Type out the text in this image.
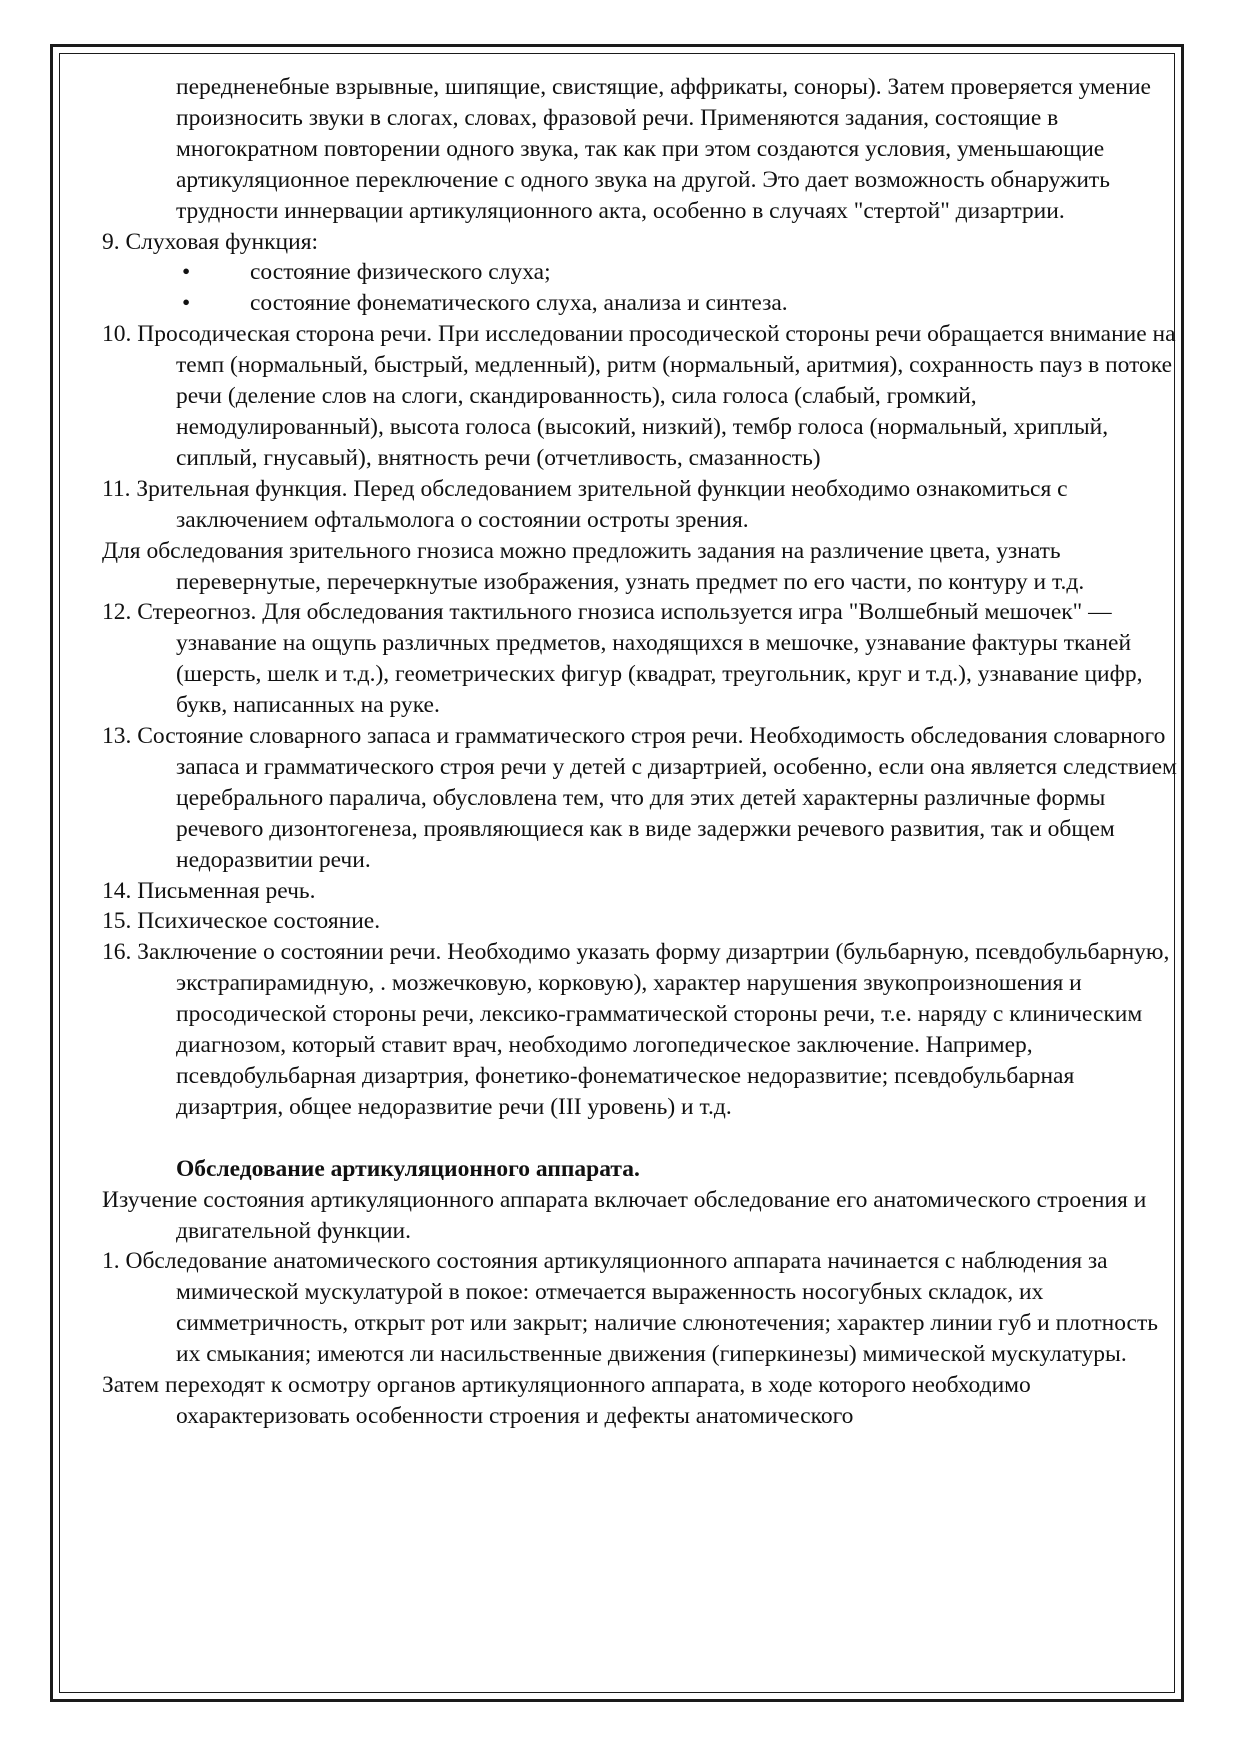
передненебные взрывные, шипящие, свистящие, аффрикаты, соноры). Затем проверяется умение произносить звуки в слогах, словах, фразовой речи. Применяются задания, состоящие в многократном повторении одного звука, так как при этом создаются условия, уменьшающие артикуляционное переключение с одного звука на другой. Это дает возможность обнаружить трудности иннервации артикуляционного акта, особенно в случаях "стертой" дизартрии.

9. Слуховая функция:

•	состояние физического слуха;
•	состояние фонематического слуха, анализа и синтеза.

10. Просодическая сторона речи. При исследовании просодической стороны речи обращается внимание на темп (нормальный, быстрый, медленный), ритм (нормальный, аритмия), сохранность пауз в потоке речи (деление слов на слоги, скандированность), сила голоса (слабый, громкий, немодулированный), высота голоса (высокий, низкий), тембр голоса (нормальный, хриплый, сиплый, гнусавый), внятность речи (отчетливость, смазанность)

11. Зрительная функция. Перед обследованием зрительной функции необходимо ознакомиться с заключением офтальмолога о состоянии остроты зрения.

Для обследования зрительного гнозиса можно предложить задания на различение цвета, узнать перевернутые, перечеркнутые изображения, узнать предмет по его части, по контуру и т.д.

12. Стереогноз. Для обследования тактильного гнозиса используется игра "Волшебный мешочек" — узнавание на ощупь различных предметов, находящихся в мешочке, узнавание фактуры тканей (шерсть, шелк и т.д.), геометрических фигур (квадрат, треугольник, круг и т.д.), узнавание цифр, букв, написанных на руке.

13. Состояние словарного запаса и грамматического строя речи. Необходимость обследования словарного запаса и грамматического строя речи у детей с дизартрией, особенно, если она является следствием церебрального паралича, обусловлена тем, что для этих детей характерны различные формы речевого дизонтогенеза, проявляющиеся как в виде задержки речевого развития, так и общем недоразвитии речи.

14. Письменная речь.

15. Психическое состояние.

16. Заключение о состоянии речи. Необходимо указать форму дизартрии (бульбарную, псевдобульбарную, экстрапирамидную, . мозжечковую, корковую), характер нарушения звукопроизношения и просодической стороны речи, лексико-грамматической стороны речи, т.е. наряду с клиническим диагнозом, который ставит врач, необходимо логопедическое заключение. Например, псевдобульбарная дизартрия, фонетико-фонематическое недоразвитие; псевдобульбарная дизартрия, общее недоразвитие речи (III уровень) и т.д.

Обследование артикуляционного аппарата.

Изучение состояния артикуляционного аппарата включает обследование его анатомического строения и двигательной функции.

1. Обследование анатомического состояния артикуляционного аппарата начинается с наблюдения за мимической мускулатурой в покое: отмечается выраженность носогубных складок, их симметричность, открыт рот или закрыт; наличие слюнотечения; характер линии губ и плотность их смыкания; имеются ли насильственные движения (гиперкинезы) мимической мускулатуры.

Затем переходят к осмотру органов артикуляционного аппарата, в ходе которого необходимо охарактеризовать особенности строения и дефекты анатомического
